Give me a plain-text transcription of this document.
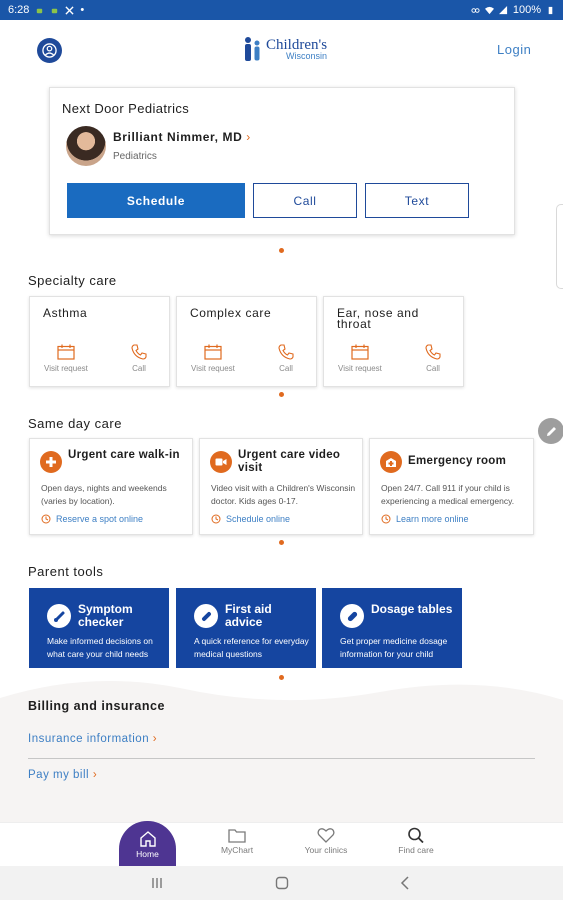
6:28	•	100%
Children's
Wisconsin	Login
Next Door Pediatrics
Brilliant Nimmer, MD ›
Pediatrics
Schedule	Call	Text
Specialty care
Asthma
Visit request	Call
Complex care
Visit request	Call
Ear, nose and throat
Visit request	Call
Same day care
Urgent care walk-in
Open days, nights and weekends (varies by location).
Reserve a spot online
Urgent care video visit
Video visit with a Children's Wisconsin doctor. Kids ages 0-17.
Schedule online
Emergency room
Open 24/7. Call 911 if your child is experiencing a medical emergency.
Learn more online
Parent tools
Symptom checker
Make informed decisions on what care your child needs
First aid advice
A quick reference for everyday medical questions
Dosage tables
Get proper medicine dosage information for your child
Billing and insurance
Insurance information ›
Pay my bill ›
Home	MyChart	Your clinics	Find care
